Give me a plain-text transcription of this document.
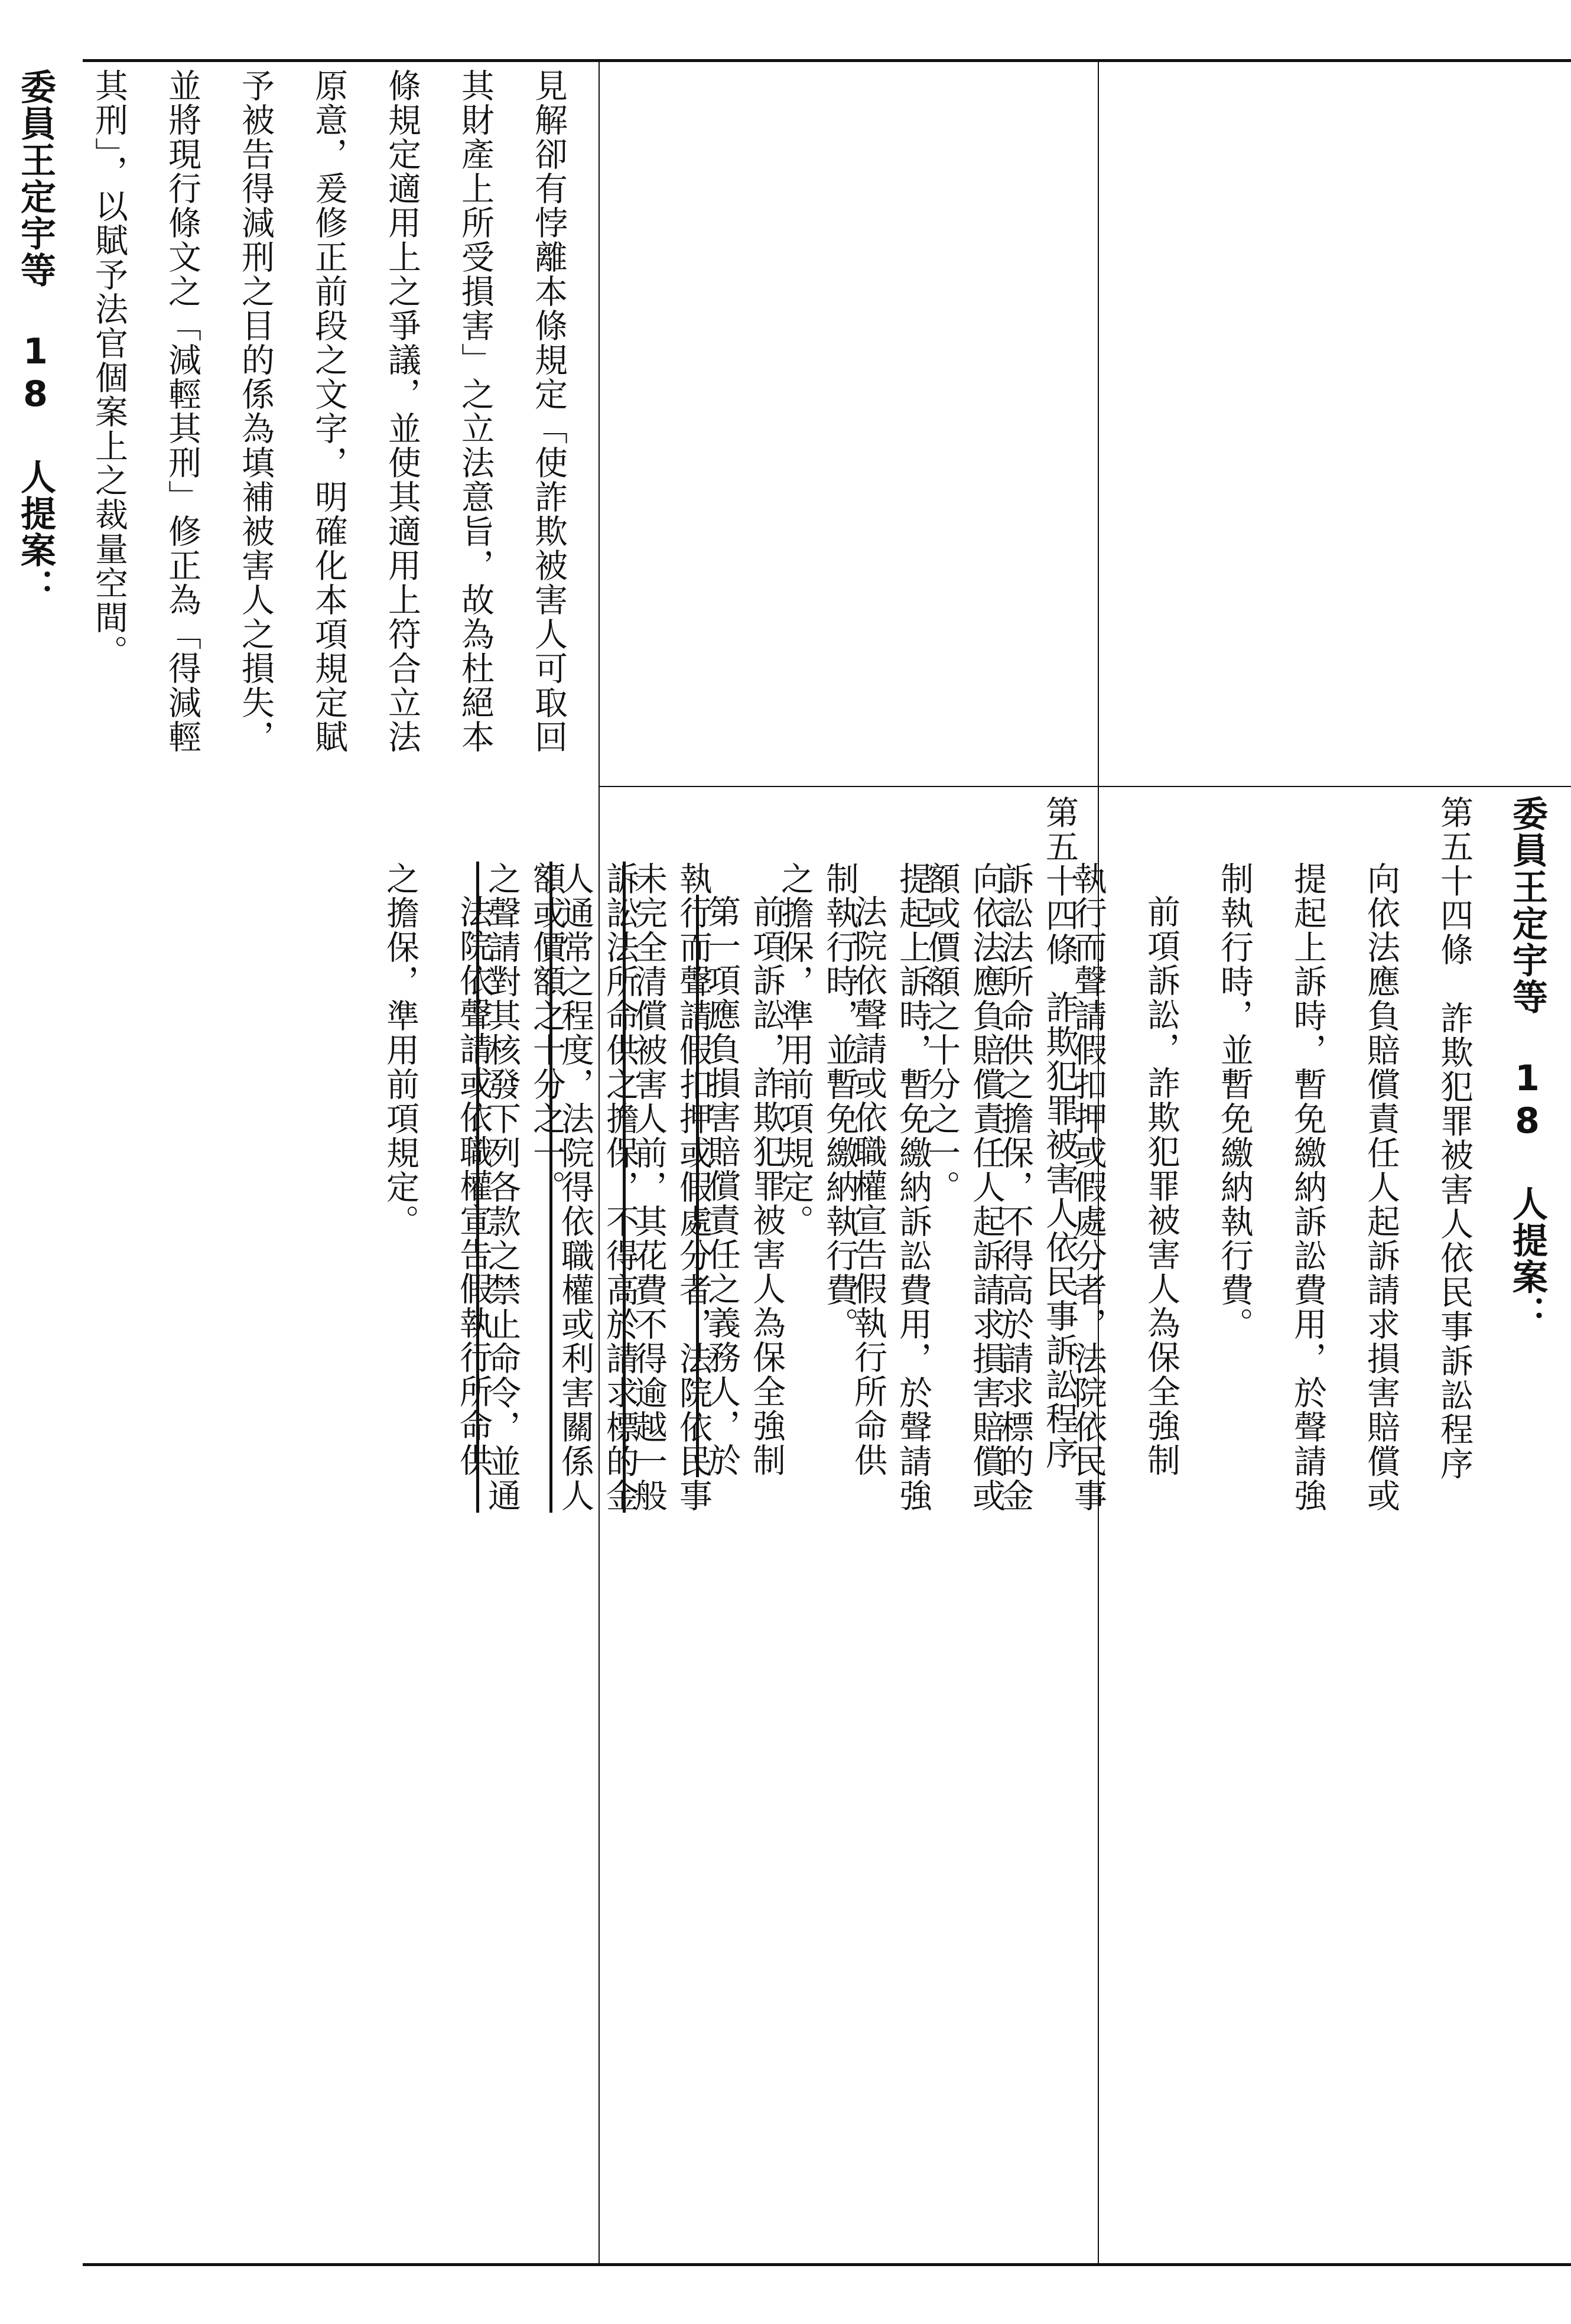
見解卻有悖離本條規定「使詐欺被害人可取回

其財產上所受損害」之立法意旨，故為杜絕本

條規定適用上之爭議，並使其適用上符合立法

原意，爰修正前段之文字，明確化本項規定賦

予被告得減刑之目的係為填補被害人之損失，

並將現行條文之「減輕其刑」修正為「得減輕

其刑」，以賦予法官個案上之裁量空間。

委員王定宇等 18 人提案：

第五十四條詐欺犯罪被害人依民事訴訟程序

向依法應負賠償責任人起訴請求損害賠償或

提起上訴時，暫免繳納訴訟費用，於聲請強

制執行時，並暫免繳納執行費。

前項訴訟，詐欺犯罪被害人為保全強制

執行而聲請假扣押或假處分者，法院依民事

訴訟法所命供之擔保，不得高於請求標的金

額或價額之十分之一。

法院依聲請或依職權宣告假執行所命供

之擔保，準用前項規定。	委員王定宇等 18 人提案：

第五十四條　詐欺犯罪被害人依民事訴訟程序

向依法應負賠償責任人起訴請求損害賠償或

提起上訴時，暫免繳納訴訟費用，於聲請強

制執行時，並暫免繳納執行費。

前項訴訟，詐欺犯罪被害人為保全強制

執行而聲請假扣押或假處分者，法院依民事

訴訟法所命供之擔保，不得高於請求標的金

額或價額之十分之一。

法院依聲請或依職權宣告假執行所命供

之擔保，準用前項規定。

第一項應負損害賠償責任之義務人，於

未完全清償被害人前，其花費不得逾越一般

人通常之程度，法院得依職權或利害關係人

之聲請對其核發下列各款之禁止命令，並通
